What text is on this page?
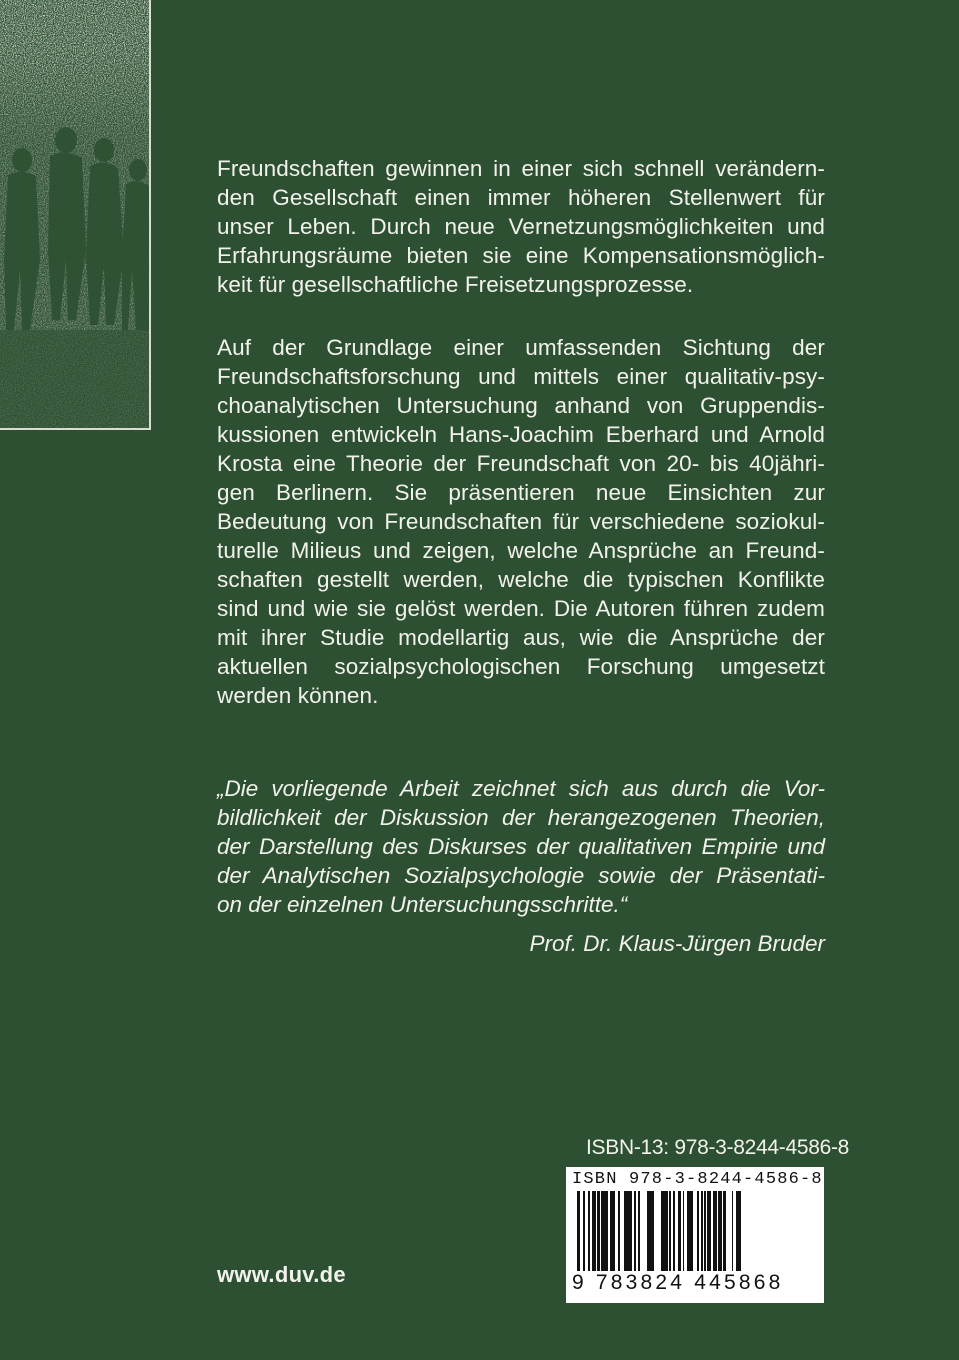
Freundschaften gewinnen in einer sich schnell verändern-
den Gesellschaft einen immer höheren Stellenwert für
unser Leben. Durch neue Vernetzungsmöglichkeiten und
Erfahrungsräume bieten sie eine Kompensationsmöglich-
keit für gesellschaftliche Freisetzungsprozesse.
Auf der Grundlage einer umfassenden Sichtung der
Freundschaftsforschung und mittels einer qualitativ-psy-
choanalytischen Untersuchung anhand von Gruppendis-
kussionen entwickeln Hans-Joachim Eberhard und Arnold
Krosta eine Theorie der Freundschaft von 20- bis 40jähri-
gen Berlinern. Sie präsentieren neue Einsichten zur
Bedeutung von Freundschaften für verschiedene soziokul-
turelle Milieus und zeigen, welche Ansprüche an Freund-
schaften gestellt werden, welche die typischen Konflikte
sind und wie sie gelöst werden. Die Autoren führen zudem
mit ihrer Studie modellartig aus, wie die Ansprüche der
aktuellen sozialpsychologischen Forschung umgesetzt
werden können.
„Die vorliegende Arbeit zeichnet sich aus durch die Vor-
bildlichkeit der Diskussion der herangezogenen Theorien,
der Darstellung des Diskurses der qualitativen Empirie und
der Analytischen Sozialpsychologie sowie der Präsentati-
on der einzelnen Untersuchungsschritte.“
Prof. Dr. Klaus-Jürgen Bruder
ISBN-13: 978-3-8244-4586-8
ISBN 978-3-8244-4586-8
9 783824 445868
www.duv.de
